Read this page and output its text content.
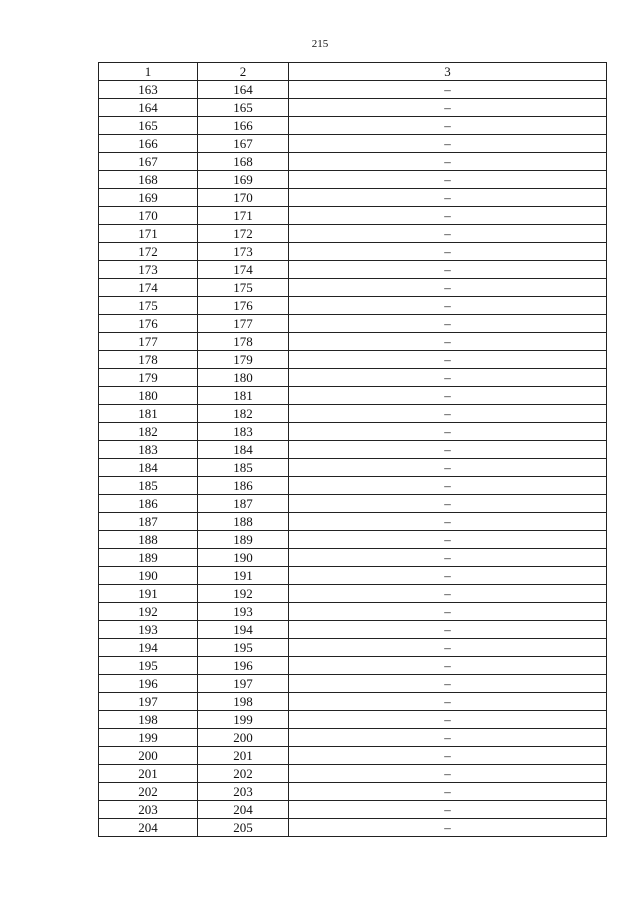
215
1	2	3
163	164	–
164	165	–
165	166	–
166	167	–
167	168	–
168	169	–
169	170	–
170	171	–
171	172	–
172	173	–
173	174	–
174	175	–
175	176	–
176	177	–
177	178	–
178	179	–
179	180	–
180	181	–
181	182	–
182	183	–
183	184	–
184	185	–
185	186	–
186	187	–
187	188	–
188	189	–
189	190	–
190	191	–
191	192	–
192	193	–
193	194	–
194	195	–
195	196	–
196	197	–
197	198	–
198	199	–
199	200	–
200	201	–
201	202	–
202	203	–
203	204	–
204	205	–
